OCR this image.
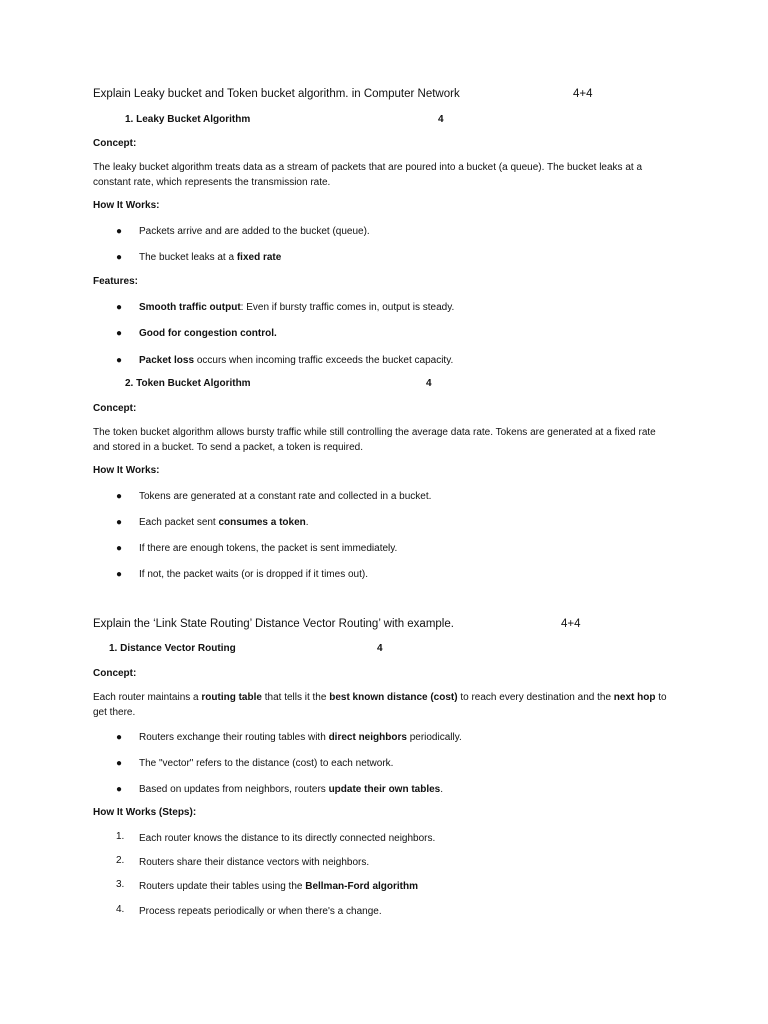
Explain Leaky bucket and Token bucket algorithm. in Computer Network	4+4
1. Leaky Bucket Algorithm	4
Concept:
The leaky bucket algorithm treats data as a stream of packets that are poured into a bucket (a queue). The bucket leaks at a constant rate, which represents the transmission rate.
How It Works:
● Packets arrive and are added to the bucket (queue).
● The bucket leaks at a fixed rate
Features:
● Smooth traffic output: Even if bursty traffic comes in, output is steady.
● Good for congestion control.
● Packet loss occurs when incoming traffic exceeds the bucket capacity.
2. Token Bucket Algorithm	4
Concept:
The token bucket algorithm allows bursty traffic while still controlling the average data rate. Tokens are generated at a fixed rate and stored in a bucket. To send a packet, a token is required.
How It Works:
● Tokens are generated at a constant rate and collected in a bucket.
● Each packet sent consumes a token.
● If there are enough tokens, the packet is sent immediately.
● If not, the packet waits (or is dropped if it times out).
Explain the ‘Link State Routing’ Distance Vector Routing’ with example.	4+4
1. Distance Vector Routing	4
Concept:
Each router maintains a routing table that tells it the best known distance (cost) to reach every destination and the next hop to get there.
● Routers exchange their routing tables with direct neighbors periodically.
● The "vector" refers to the distance (cost) to each network.
● Based on updates from neighbors, routers update their own tables.
How It Works (Steps):
1. Each router knows the distance to its directly connected neighbors.
2. Routers share their distance vectors with neighbors.
3. Routers update their tables using the Bellman-Ford algorithm
4. Process repeats periodically or when there's a change.
